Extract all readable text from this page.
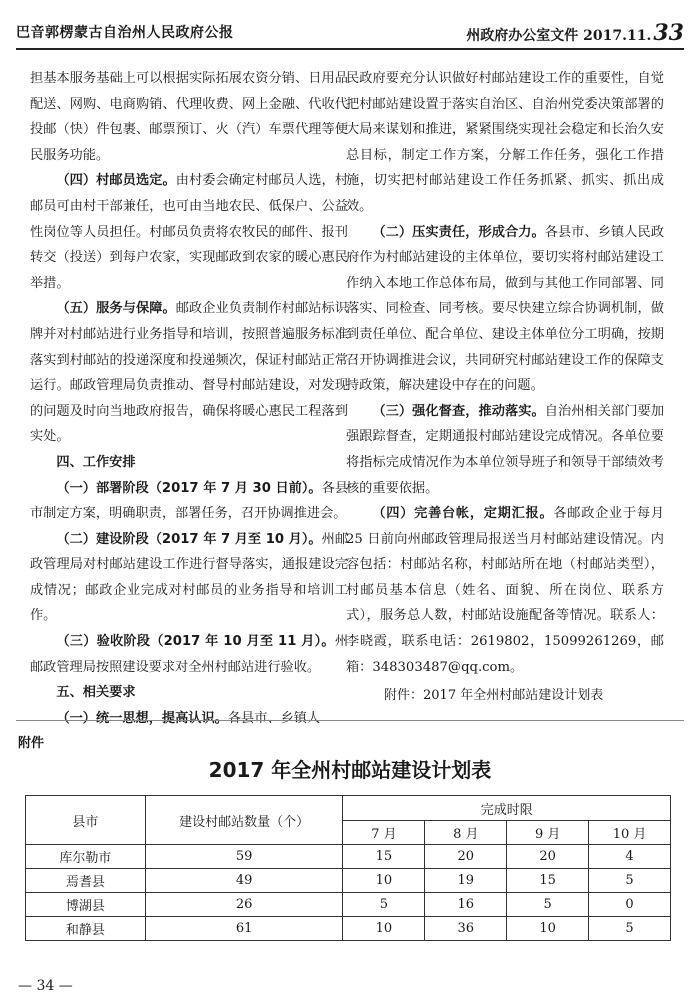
巴音郭楞蒙古自治州人民政府公报	州政府办公室文件 2017.11.33

担基本服务基础上可以根据实际拓展农资分销、日用品配送、网购、电商购销、代理收费、网上金融、代收代投邮（快）件包裹、邮票预订、火（汽）车票代理等便民服务功能。

（四）村邮员选定。由村委会确定村邮员人选，村邮员可由村干部兼任，也可由当地农民、低保户、公益性岗位等人员担任。村邮员负责将农牧民的邮件、报刊转交（投送）到每户农家，实现邮政到农家的暖心惠民举措。

（五）服务与保障。邮政企业负责制作村邮站标识牌并对村邮站进行业务指导和培训，按照普遍服务标准落实到村邮站的投递深度和投递频次，保证村邮站正常运行。邮政管理局负责推动、督导村邮站建设，对发现的问题及时向当地政府报告，确保将暖心惠民工程落到实处。

四、工作安排

（一）部署阶段（2017 年 7 月 30 日前）。各县市制定方案，明确职责，部署任务，召开协调推进会。

（二）建设阶段（2017 年 7 月至 10 月）。州邮政管理局对村邮站建设工作进行督导落实，通报建设完成情况；邮政企业完成对村邮员的业务指导和培训工作。

（三）验收阶段（2017 年 10 月至 11 月）。州邮政管理局按照建设要求对全州村邮站进行验收。

五、相关要求

（一）统一思想，提高认识。各县市、乡镇人

民政府要充分认识做好村邮站建设工作的重要性，自觉把村邮站建设置于落实自治区、自治州党委决策部署的大局来谋划和推进，紧紧围绕实现社会稳定和长治久安总目标，制定工作方案，分解工作任务，强化工作措施，切实把村邮站建设工作任务抓紧、抓实、抓出成效。

（二）压实责任，形成合力。各县市、乡镇人民政府作为村邮站建设的主体单位，要切实将村邮站建设工作纳入本地工作总体布局，做到与其他工作同部署、同落实、同检查、同考核。要尽快建立综合协调机制，做到责任单位、配合单位、建设主体单位分工明确，按期召开协调推进会议，共同研究村邮站建设工作的保障支持政策，解决建设中存在的问题。

（三）强化督查，推动落实。自治州相关部门要加强跟踪督查，定期通报村邮站建设完成情况。各单位要将指标完成情况作为本单位领导班子和领导干部绩效考核的重要依据。

（四）完善台帐，定期汇报。各邮政企业于每月 25 日前向州邮政管理局报送当月村邮站建设情况。内容包括：村邮站名称，村邮站所在地（村邮站类型），村邮员基本信息（姓名、面貌、所在岗位、联系方式），服务总人数，村邮站设施配备等情况。联系人：李晓霞，联系电话：2619802，15099261269，邮箱：348303487@qq.com。

附件：2017 年全州村邮站建设计划表
附件
2017 年全州村邮站建设计划表
县市	建设村邮站数量（个）	完成时限			
		7 月	8 月	9 月	10 月
库尔勒市	59	15	20	20	4
焉耆县	49	10	19	15	5
博湖县	26	5	16	5	0
和静县	61	10	36	10	5
— 34 —
